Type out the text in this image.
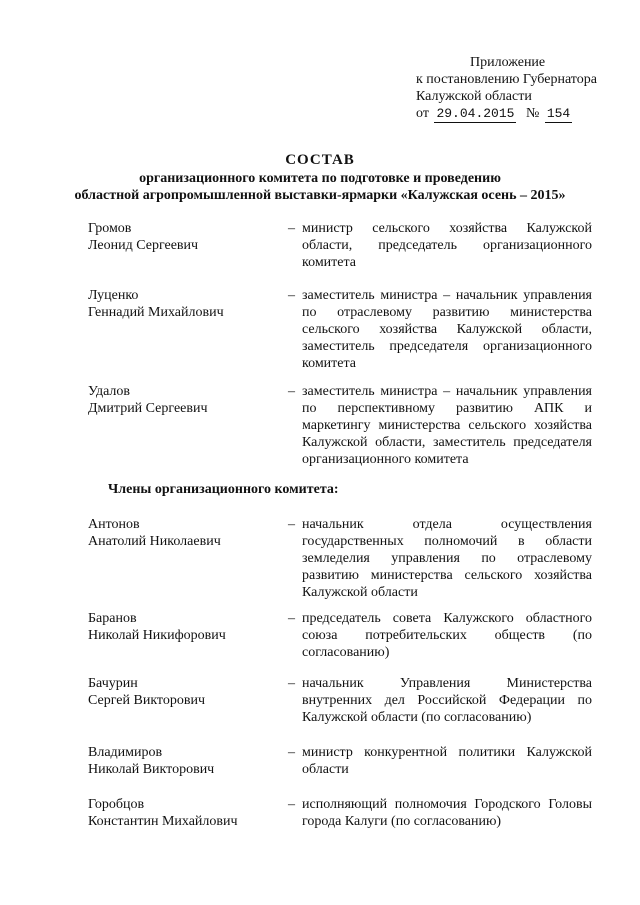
Приложение
к постановлению Губернатора
Калужской области
от 29.04.2015 № 154
СОСТАВ
организационного комитета по подготовке и проведению
областной агропромышленной выставки-ярмарки «Калужская осень – 2015»
Громов
Леонид Сергеевич
– министр сельского хозяйства Калужской области, председатель организационного комитета
Луценко
Геннадий Михайлович
– заместитель министра – начальник управления по отраслевому развитию министерства сельского хозяйства Калужской области, заместитель председателя организационного комитета
Удалов
Дмитрий Сергеевич
– заместитель министра – начальник управления по перспективному развитию АПК и маркетингу министерства сельского хозяйства Калужской области, заместитель председателя организационного комитета
Члены организационного комитета:
Антонов
Анатолий Николаевич
– начальник отдела осуществления государственных полномочий в области земледелия управления по отраслевому развитию министерства сельского хозяйства Калужской области
Баранов
Николай Никифорович
– председатель совета Калужского областного союза потребительских обществ (по согласованию)
Бачурин
Сергей Викторович
– начальник Управления Министерства внутренних дел Российской Федерации по Калужской области (по согласованию)
Владимиров
Николай Викторович
– министр конкурентной политики Калужской области
Горобцов
Константин Михайлович
– исполняющий полномочия Городского Головы города Калуги (по согласованию)
